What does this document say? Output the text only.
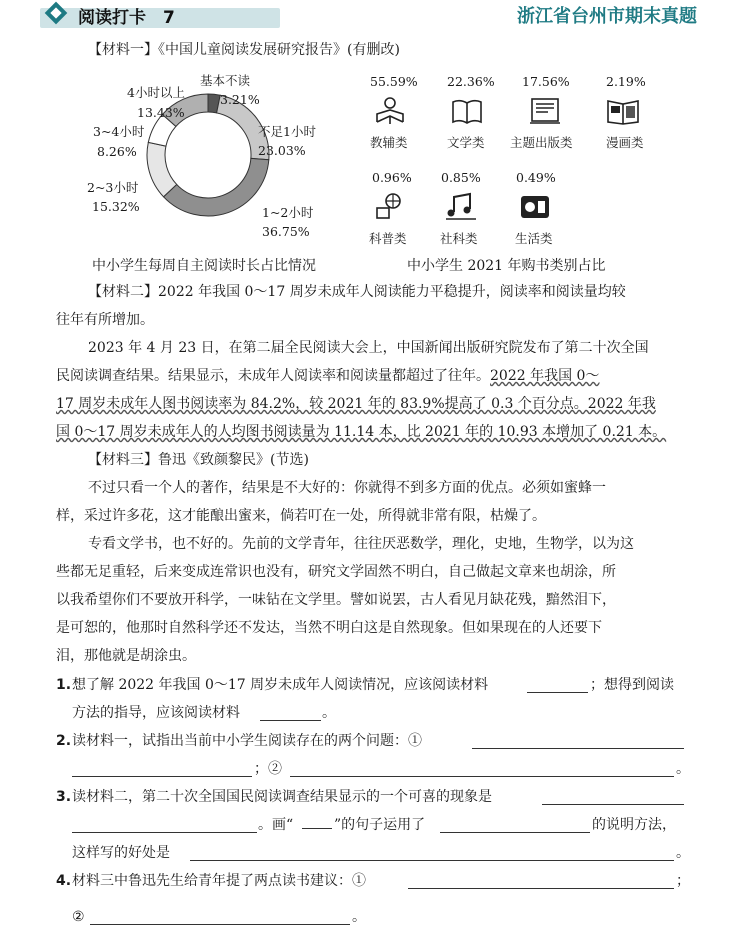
阅读打卡　7	浙江省台州市期末真题
【材料一】《中国儿童阅读发展研究报告》(有删改)
基本不读
3.21%
不足1小时
23.03%
1~2小时
36.75%
2~3小时
15.32%
3~4小时
8.26%
4小时以上
13.43%
中小学生每周自主阅读时长占比情况
55.59% 22.36% 17.56%	2.19%
教辅类	文学类 主题出版类	漫画类
0.96% 0.85%	0.49%
科普类	社科类	生活类
中小学生 2021 年购书类别占比
【材料二】2022 年我国 0～17 周岁未成年人阅读能力平稳提升，阅读率和阅读量均较
往年有所增加。
2023 年 4 月 23 日，在第二届全民阅读大会上，中国新闻出版研究院发布了第二十次全国
民阅读调查结果。结果显示，未成年人阅读率和阅读量都超过了往年。2022 年我国 0～
17 周岁未成年人图书阅读率为 84.2%，较 2021 年的 83.9%提高了 0.3 个百分点。2022 年我
国 0～17 周岁未成年人的人均图书阅读量为 11.14 本，比 2021 年的 10.93 本增加了 0.21 本。
【材料三】鲁迅《致颜黎民》(节选)
不过只看一个人的著作，结果是不大好的：你就得不到多方面的优点。必须如蜜蜂一
样，采过许多花，这才能酿出蜜来，倘若叮在一处，所得就非常有限，枯燥了。
专看文学书，也不好的。先前的文学青年，往往厌恶数学，理化，史地，生物学，以为这
些都无足重轻，后来变成连常识也没有，研究文学固然不明白，自己做起文章来也胡涂，所
以我希望你们不要放开科学，一味钻在文学里。譬如说罢，古人看见月缺花残，黯然泪下，
是可恕的，他那时自然科学还不发达，当然不明白这是自然现象。但如果现在的人还要下
泪，那他就是胡涂虫。
1. 想了解 2022 年我国 0～17 周岁未成年人阅读情况，应该阅读材料	；想得到阅读
方法的指导，应该阅读材料	。
2. 读材料一，试指出当前中小学生阅读存在的两个问题：①
；②	。
3. 读材料二，第二十次全国国民阅读调查结果显示的一个可喜的现象是
。画“	”的句子运用了	的说明方法，
这样写的好处是	。
4. 材料三中鲁迅先生给青年提了两点读书建议：①	；
②	。
